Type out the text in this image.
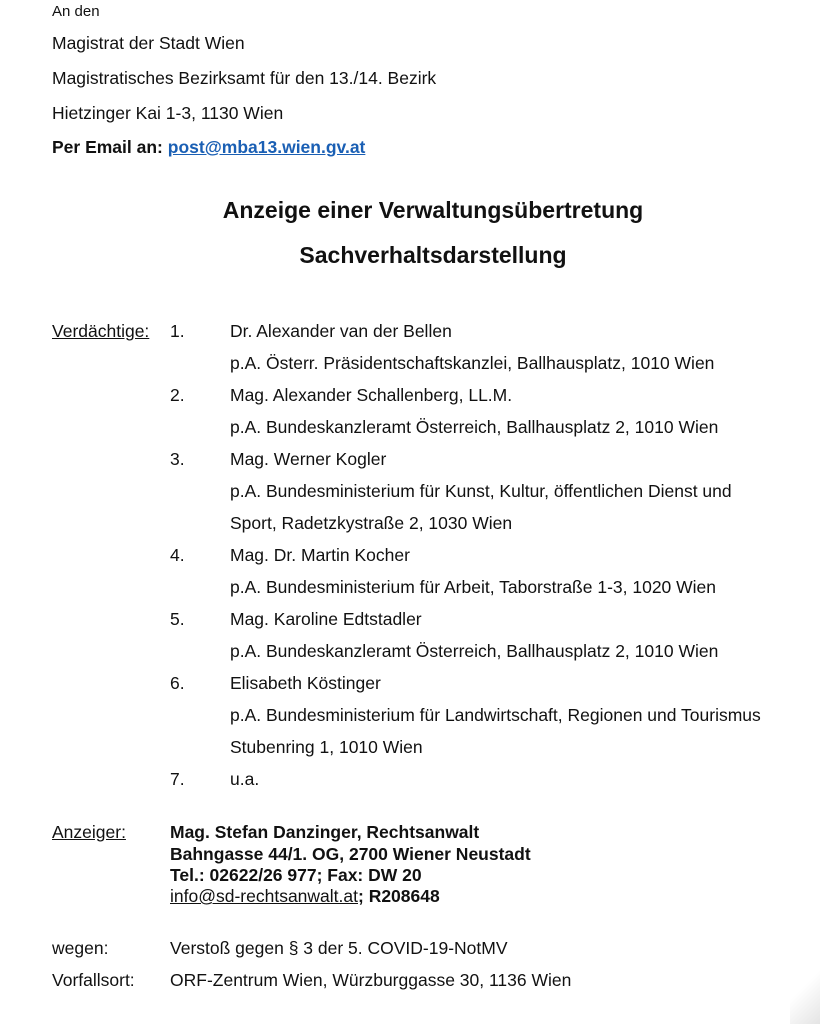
An den
Magistrat der Stadt Wien
Magistratisches Bezirksamt für den 13./14. Bezirk
Hietzinger Kai 1-3, 1130 Wien
Per Email an: post@mba13.wien.gv.at
Anzeige einer Verwaltungsübertretung
Sachverhaltsdarstellung
Verdächtige: 1.	Dr. Alexander van der Bellen
p.A. Österr. Präsidentschaftskanzlei, Ballhausplatz, 1010 Wien
2.	Mag. Alexander Schallenberg, LL.M.
p.A. Bundeskanzleramt Österreich, Ballhausplatz 2, 1010 Wien
3.	Mag. Werner Kogler
p.A. Bundesministerium für Kunst, Kultur, öffentlichen Dienst und
Sport, Radetzkystraße 2, 1030 Wien
4.	Mag. Dr. Martin Kocher
p.A. Bundesministerium für Arbeit, Taborstraße 1-3, 1020 Wien
5.	Mag. Karoline Edtstadler
p.A. Bundeskanzleramt Österreich, Ballhausplatz 2, 1010 Wien
6.	Elisabeth Köstinger
p.A. Bundesministerium für Landwirtschaft, Regionen und Tourismus
Stubenring 1, 1010 Wien
7.	u.a.
Anzeiger:	Mag. Stefan Danzinger, Rechtsanwalt
Bahngasse 44/1. OG, 2700 Wiener Neustadt
Tel.: 02622/26 977; Fax: DW 20
info@sd-rechtsanwalt.at; R208648
wegen:	Verstoß gegen § 3 der 5. COVID-19-NotMV
Vorfallsort: ORF-Zentrum Wien, Würzburggasse 30, 1136 Wien
